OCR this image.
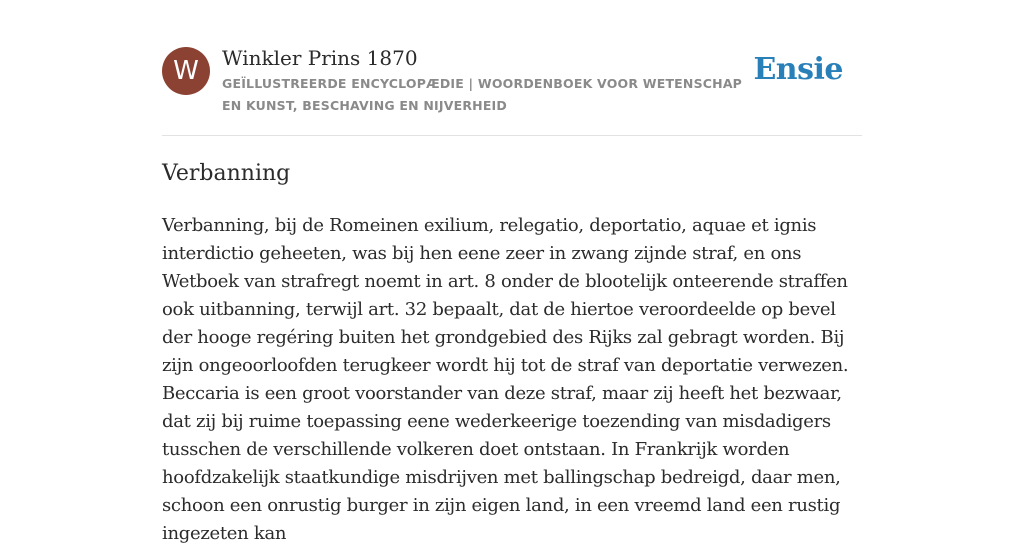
W	Winkler Prins 1870
GEÏLLUSTREERDE ENCYCLOPÆDIE | WOORDENBOEK VOOR WETENSCHAP EN KUNST, BESCHAVING EN NIJVERHEID
Ensie
Verbanning

Verbanning, bij de Romeinen exilium, relegatio, deportatio, aquae et ignis interdictio geheeten, was bij hen eene zeer in zwang zijnde straf, en ons Wetboek van strafregt noemt in art. 8 onder de blootelijk onteerende straffen ook uitbanning, terwijl art. 32 bepaalt, dat de hiertoe veroordeelde op bevel der hooge regéring buiten het grondgebied des Rijks zal gebragt worden. Bij zijn ongeoorloofden terugkeer wordt hij tot de straf van deportatie verwezen. Beccaria is een groot voorstander van deze straf, maar zij heeft het bezwaar, dat zij bij ruime toepassing eene wederkeerige toezending van misdadigers tusschen de verschillende volkeren doet ontstaan. In Frankrijk worden hoofdzakelijk staatkundige misdrijven met ballingschap bedreigd, daar men, schoon een onrustig burger in zijn eigen land, in een vreemd land een rustig ingezeten kan
